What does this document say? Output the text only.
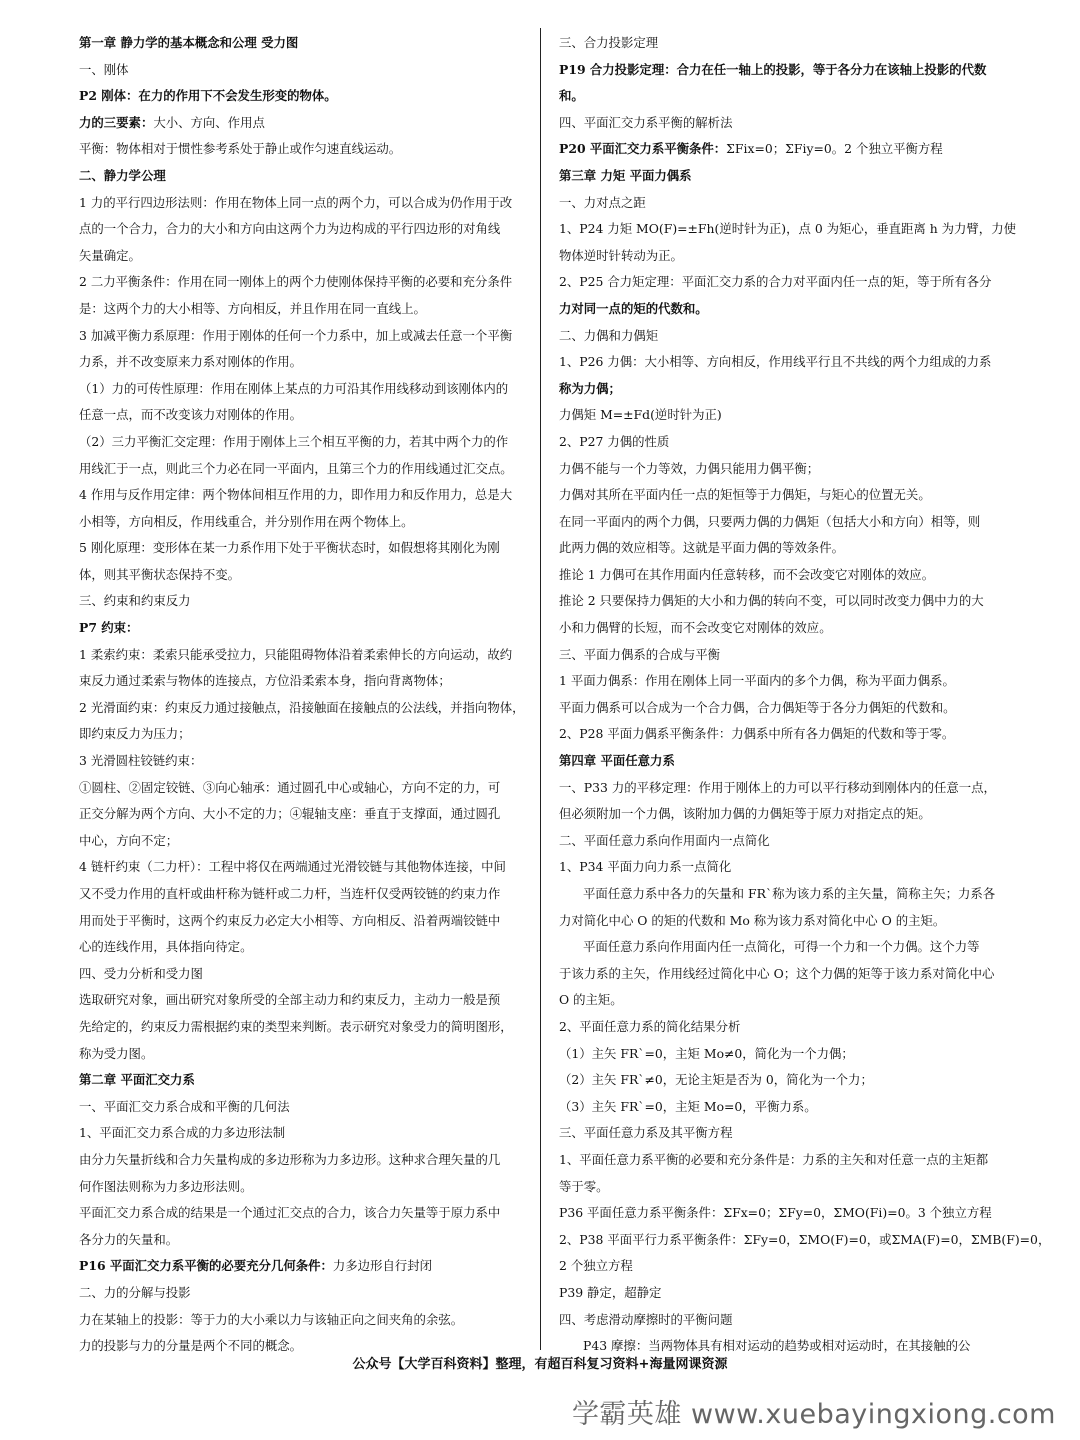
第一章 静力学的基本概念和公理 受力图
一、刚体
P2 刚体：在力的作用下不会发生形变的物体。
力的三要素：大小、方向、作用点
平衡：物体相对于惯性参考系处于静止或作匀速直线运动。
二、静力学公理
1 力的平行四边形法则：作用在物体上同一点的两个力，可以合成为仍作用于改
点的一个合力，合力的大小和方向由这两个力为边构成的平行四边形的对角线
矢量确定。
2 二力平衡条件：作用在同一刚体上的两个力使刚体保持平衡的必要和充分条件
是：这两个力的大小相等、方向相反，并且作用在同一直线上。
3 加减平衡力系原理：作用于刚体的任何一个力系中，加上或减去任意一个平衡
力系，并不改变原来力系对刚体的作用。
（1）力的可传性原理：作用在刚体上某点的力可沿其作用线移动到该刚体内的
任意一点，而不改变该力对刚体的作用。
（2）三力平衡汇交定理：作用于刚体上三个相互平衡的力，若其中两个力的作
用线汇于一点，则此三个力必在同一平面内，且第三个力的作用线通过汇交点。
4 作用与反作用定律：两个物体间相互作用的力，即作用力和反作用力，总是大
小相等，方向相反，作用线重合，并分别作用在两个物体上。
5 刚化原理：变形体在某一力系作用下处于平衡状态时，如假想将其刚化为刚
体，则其平衡状态保持不变。
三、约束和约束反力
P7 约束：
1 柔索约束：柔索只能承受拉力，只能阻碍物体沿着柔索伸长的方向运动，故约
束反力通过柔索与物体的连接点，方位沿柔索本身，指向背离物体；
2 光滑面约束：约束反力通过接触点，沿接触面在接触点的公法线，并指向物体，
即约束反力为压力；
3 光滑圆柱铰链约束：
①圆柱、②固定铰链、③向心轴承：通过圆孔中心或轴心，方向不定的力，可
正交分解为两个方向、大小不定的力；④辊轴支座：垂直于支撑面，通过圆孔
中心，方向不定；
4 链杆约束（二力杆）：工程中将仅在两端通过光滑铰链与其他物体连接，中间
又不受力作用的直杆或曲杆称为链杆或二力杆，当连杆仅受两铰链的约束力作
用而处于平衡时，这两个约束反力必定大小相等、方向相反、沿着两端铰链中
心的连线作用，具体指向待定。
四、受力分析和受力图
选取研究对象，画出研究对象所受的全部主动力和约束反力，主动力一般是预
先给定的，约束反力需根据约束的类型来判断。表示研究对象受力的简明图形，
称为受力图。
第二章 平面汇交力系
一、平面汇交力系合成和平衡的几何法
1、平面汇交力系合成的力多边形法制
由分力矢量折线和合力矢量构成的多边形称为力多边形。这种求合理矢量的几
何作图法则称为力多边形法则。
平面汇交力系合成的结果是一个通过汇交点的合力，该合力矢量等于原力系中
各分力的矢量和。
P16 平面汇交力系平衡的必要充分几何条件：力多边形自行封闭
二、力的分解与投影
力在某轴上的投影：等于力的大小乘以力与该轴正向之间夹角的余弦。
力的投影与力的分量是两个不同的概念。
三、合力投影定理
P19 合力投影定理：合力在任一轴上的投影，等于各分力在该轴上投影的代数
和。
四、平面汇交力系平衡的解析法
P20 平面汇交力系平衡条件：ΣFix=0；ΣFiy=0。2 个独立平衡方程
第三章 力矩 平面力偶系
一、力对点之距
1、P24 力矩 MO(F)=±Fh(逆时针为正)，点 0 为矩心，垂直距离 h 为力臂，力使
物体逆时针转动为正。
2、P25 合力矩定理：平面汇交力系的合力对平面内任一点的矩，等于所有各分
力对同一点的矩的代数和。
二、力偶和力偶矩
1、P26 力偶：大小相等、方向相反，作用线平行且不共线的两个力组成的力系
称为力偶；
力偶矩 M=±Fd(逆时针为正)
2、P27 力偶的性质
力偶不能与一个力等效，力偶只能用力偶平衡；
力偶对其所在平面内任一点的矩恒等于力偶矩，与矩心的位置无关。
在同一平面内的两个力偶，只要两力偶的力偶矩（包括大小和方向）相等，则
此两力偶的效应相等。这就是平面力偶的等效条件。
推论 1 力偶可在其作用面内任意转移，而不会改变它对刚体的效应。
推论 2 只要保持力偶矩的大小和力偶的转向不变，可以同时改变力偶中力的大
小和力偶臂的长短，而不会改变它对刚体的效应。
三、平面力偶系的合成与平衡
1 平面力偶系：作用在刚体上同一平面内的多个力偶，称为平面力偶系。
平面力偶系可以合成为一个合力偶，合力偶矩等于各分力偶矩的代数和。
2、P28 平面力偶系平衡条件：力偶系中所有各力偶矩的代数和等于零。
第四章 平面任意力系
一、P33 力的平移定理：作用于刚体上的力可以平行移动到刚体内的任意一点，
但必须附加一个力偶，该附加力偶的力偶矩等于原力对指定点的矩。
二、平面任意力系向作用面内一点简化
1、P34 平面力向力系一点简化
平面任意力系中各力的矢量和 FR`称为该力系的主矢量，简称主矢；力系各
力对简化中心 O 的矩的代数和 Mo 称为该力系对简化中心 O 的主矩。
平面任意力系向作用面内任一点简化，可得一个力和一个力偶。这个力等
于该力系的主矢，作用线经过简化中心 O；这个力偶的矩等于该力系对简化中心
O 的主矩。
2、平面任意力系的简化结果分析
（1）主矢 FR`=0，主矩 Mo≠0，简化为一个力偶；
（2）主矢 FR`≠0，无论主矩是否为 0，简化为一个力；
（3）主矢 FR`=0，主矩 Mo=0，平衡力系。
三、平面任意力系及其平衡方程
1、平面任意力系平衡的必要和充分条件是：力系的主矢和对任意一点的主矩都
等于零。
P36 平面任意力系平衡条件：ΣFx=0；ΣFy=0，ΣMO(Fi)=0。3 个独立方程
2、P38 平面平行力系平衡条件：ΣFy=0，ΣMO(F)=0，或ΣMA(F)=0，ΣMB(F)=0，
2 个独立方程
P39 静定，超静定
四、考虑滑动摩擦时的平衡问题
P43 摩擦：当两物体具有相对运动的趋势或相对运动时，在其接触的公
公众号【大学百科资料】整理，有超百科复习资料+海量网课资源
学霸英雄 www.xuebayingxiong.com
